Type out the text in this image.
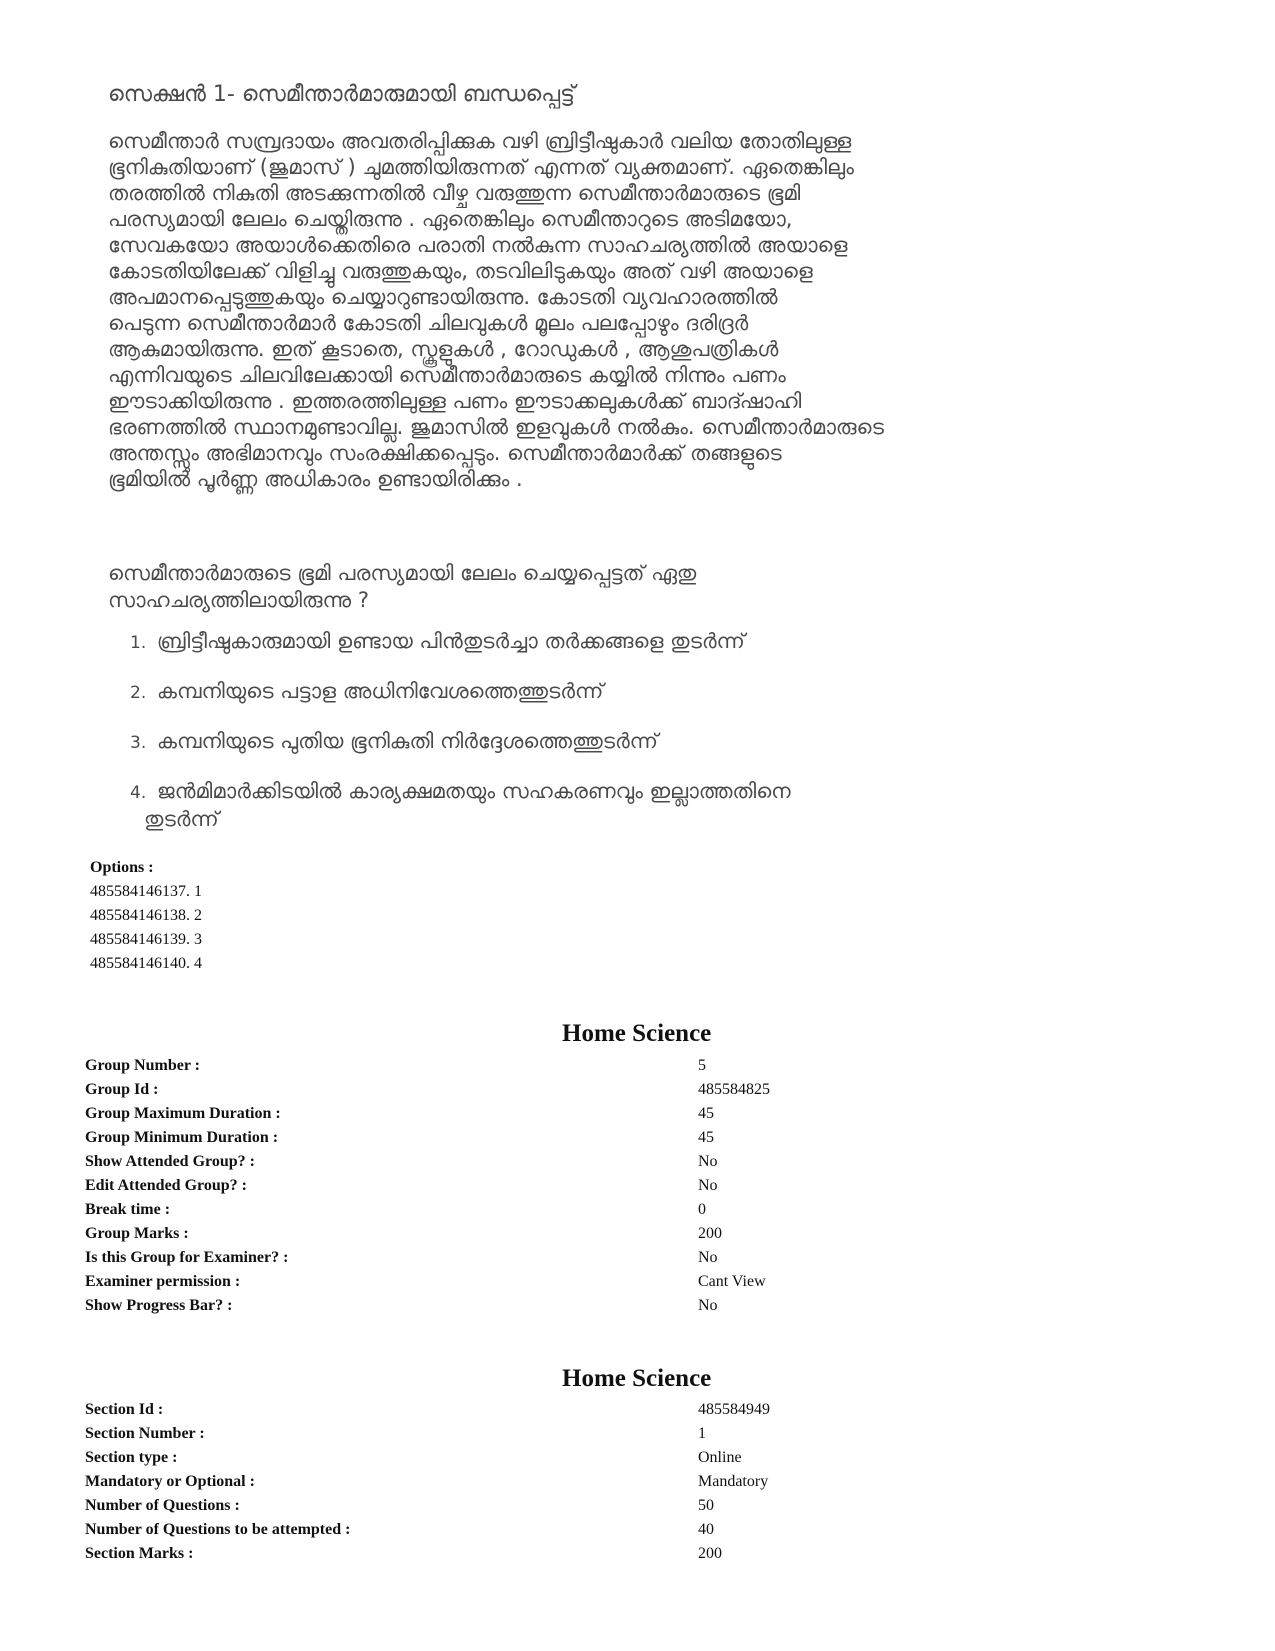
സെക്ഷൻ 1- സെമീന്താർമാരുമായി ബന്ധപ്പെട്ട്
സെമീന്താർ സമ്പ്രദായം അവതരിപ്പിക്കുക വഴി ബ്രിട്ടീഷുകാർ വലിയ തോതിലുള്ള
ഭൂനികുതിയാണ് (ജുമാസ് ) ചുമത്തിയിരുന്നത് എന്നത് വ്യക്തമാണ്. ഏതെങ്കിലും
തരത്തിൽ നികുതി അടക്കുന്നതിൽ വീഴ്ച വരുത്തുന്ന സെമീന്താർമാരുടെ ഭൂമി
പരസ്യമായി ലേലം ചെയ്തിരുന്നു . ഏതെങ്കിലും സെമീന്താറുടെ അടിമയോ,
സേവകയോ അയാൾക്കെതിരെ പരാതി നൽകുന്ന സാഹചര്യത്തിൽ അയാളെ
കോടതിയിലേക്ക് വിളിച്ചു വരുത്തുകയും, തടവിലിടുകയും അത് വഴി അയാളെ
അപമാനപ്പെടുത്തുകയും ചെയ്യാറുണ്ടായിരുന്നു. കോടതി വ്യവഹാരത്തിൽ
പെടുന്ന സെമീന്താർമാർ കോടതി ചിലവുകൾ മൂലം പലപ്പോഴും ദരിദ്രർ
ആകുമായിരുന്നു. ഇത് കൂടാതെ, സ്കൂളുകൾ , റോഡുകൾ , ആശുപത്രികൾ
എന്നിവയുടെ ചിലവിലേക്കായി സെമീന്താർമാരുടെ കയ്യിൽ നിന്നും പണം
ഈടാക്കിയിരുന്നു . ഇത്തരത്തിലുള്ള പണം ഈടാക്കലുകൾക്ക് ബാദ്ഷാഹി
ഭരണത്തിൽ സ്ഥാനമുണ്ടാവില്ല. ജുമാസിൽ ഇളവുകൾ നൽകും. സെമീന്താർമാരുടെ
അന്തസ്സും അഭിമാനവും സംരക്ഷിക്കപ്പെടും. സെമീന്താർമാർക്ക് തങ്ങളുടെ
ഭൂമിയിൽ പൂർണ്ണ അധികാരം ഉണ്ടായിരിക്കും .
സെമീന്താർമാരുടെ ഭൂമി പരസ്യമായി ലേലം ചെയ്യപ്പെട്ടത് ഏതു
സാഹചര്യത്തിലായിരുന്നു ?
1. ബ്രിട്ടീഷുകാരുമായി ഉണ്ടായ പിൻതുടർച്ചാ തർക്കങ്ങളെ തുടർന്ന്
2. കമ്പനിയുടെ പട്ടാള അധിനിവേശത്തെത്തുടർന്ന്
3. കമ്പനിയുടെ പുതിയ ഭൂനികുതി നിർദ്ദേശത്തെത്തുടർന്ന്
4. ജൻമിമാർക്കിടയിൽ കാര്യക്ഷമതയും സഹകരണവും ഇല്ലാത്തതിനെ
തുടർന്ന്
Options :
485584146137. 1
485584146138. 2
485584146139. 3
485584146140. 4
Home Science
Group Number :	5
Group Id :	485584825
Group Maximum Duration :	45
Group Minimum Duration :	45
Show Attended Group? :	No
Edit Attended Group? :	No
Break time :	0
Group Marks :	200
Is this Group for Examiner? :	No
Examiner permission :	Cant View
Show Progress Bar? :	No
Home Science
Section Id :	485584949
Section Number :	1
Section type :	Online
Mandatory or Optional :	Mandatory
Number of Questions :	50
Number of Questions to be attempted :	40
Section Marks :	200
